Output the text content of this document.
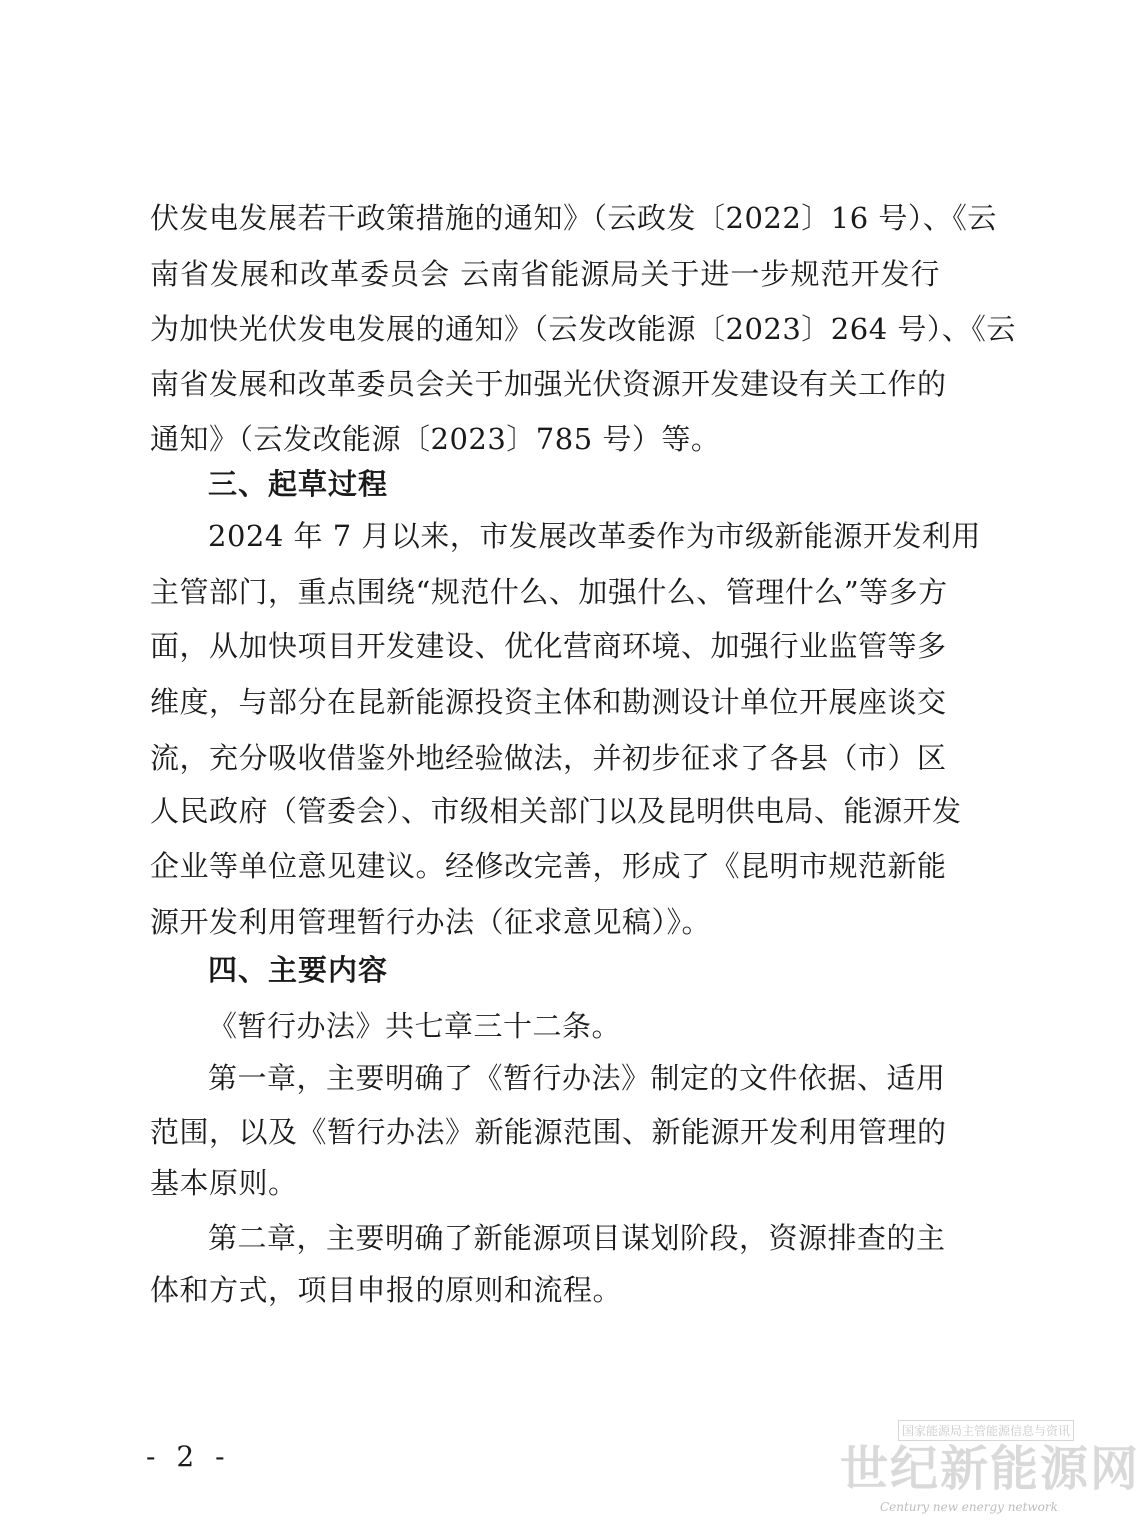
伏发电发展若干政策措施的通知》（云政发〔2022〕16 号）、《云
南省发展和改革委员会 云南省能源局关于进一步规范开发行
为加快光伏发电发展的通知》（云发改能源〔2023〕264 号）、《云
南省发展和改革委员会关于加强光伏资源开发建设有关工作的
通知》（云发改能源〔2023〕785 号）等。
三、起草过程
2024 年 7 月以来，市发展改革委作为市级新能源开发利用
主管部门，重点围绕“规范什么、加强什么、管理什么”等多方
面，从加快项目开发建设、优化营商环境、加强行业监管等多
维度，与部分在昆新能源投资主体和勘测设计单位开展座谈交
流，充分吸收借鉴外地经验做法，并初步征求了各县（市）区
人民政府（管委会）、市级相关部门以及昆明供电局、能源开发
企业等单位意见建议。经修改完善，形成了《昆明市规范新能
源开发利用管理暂行办法（征求意见稿）》。
四、主要内容
《暂行办法》共七章三十二条。
第一章，主要明确了《暂行办法》制定的文件依据、适用
范围，以及《暂行办法》新能源范围、新能源开发利用管理的
基本原则。
第二章，主要明确了新能源项目谋划阶段，资源排查的主
体和方式，项目申报的原则和流程。
- 2 -
国家能源局主管能源信息与资讯
世纪新能源网
Century new energy network
